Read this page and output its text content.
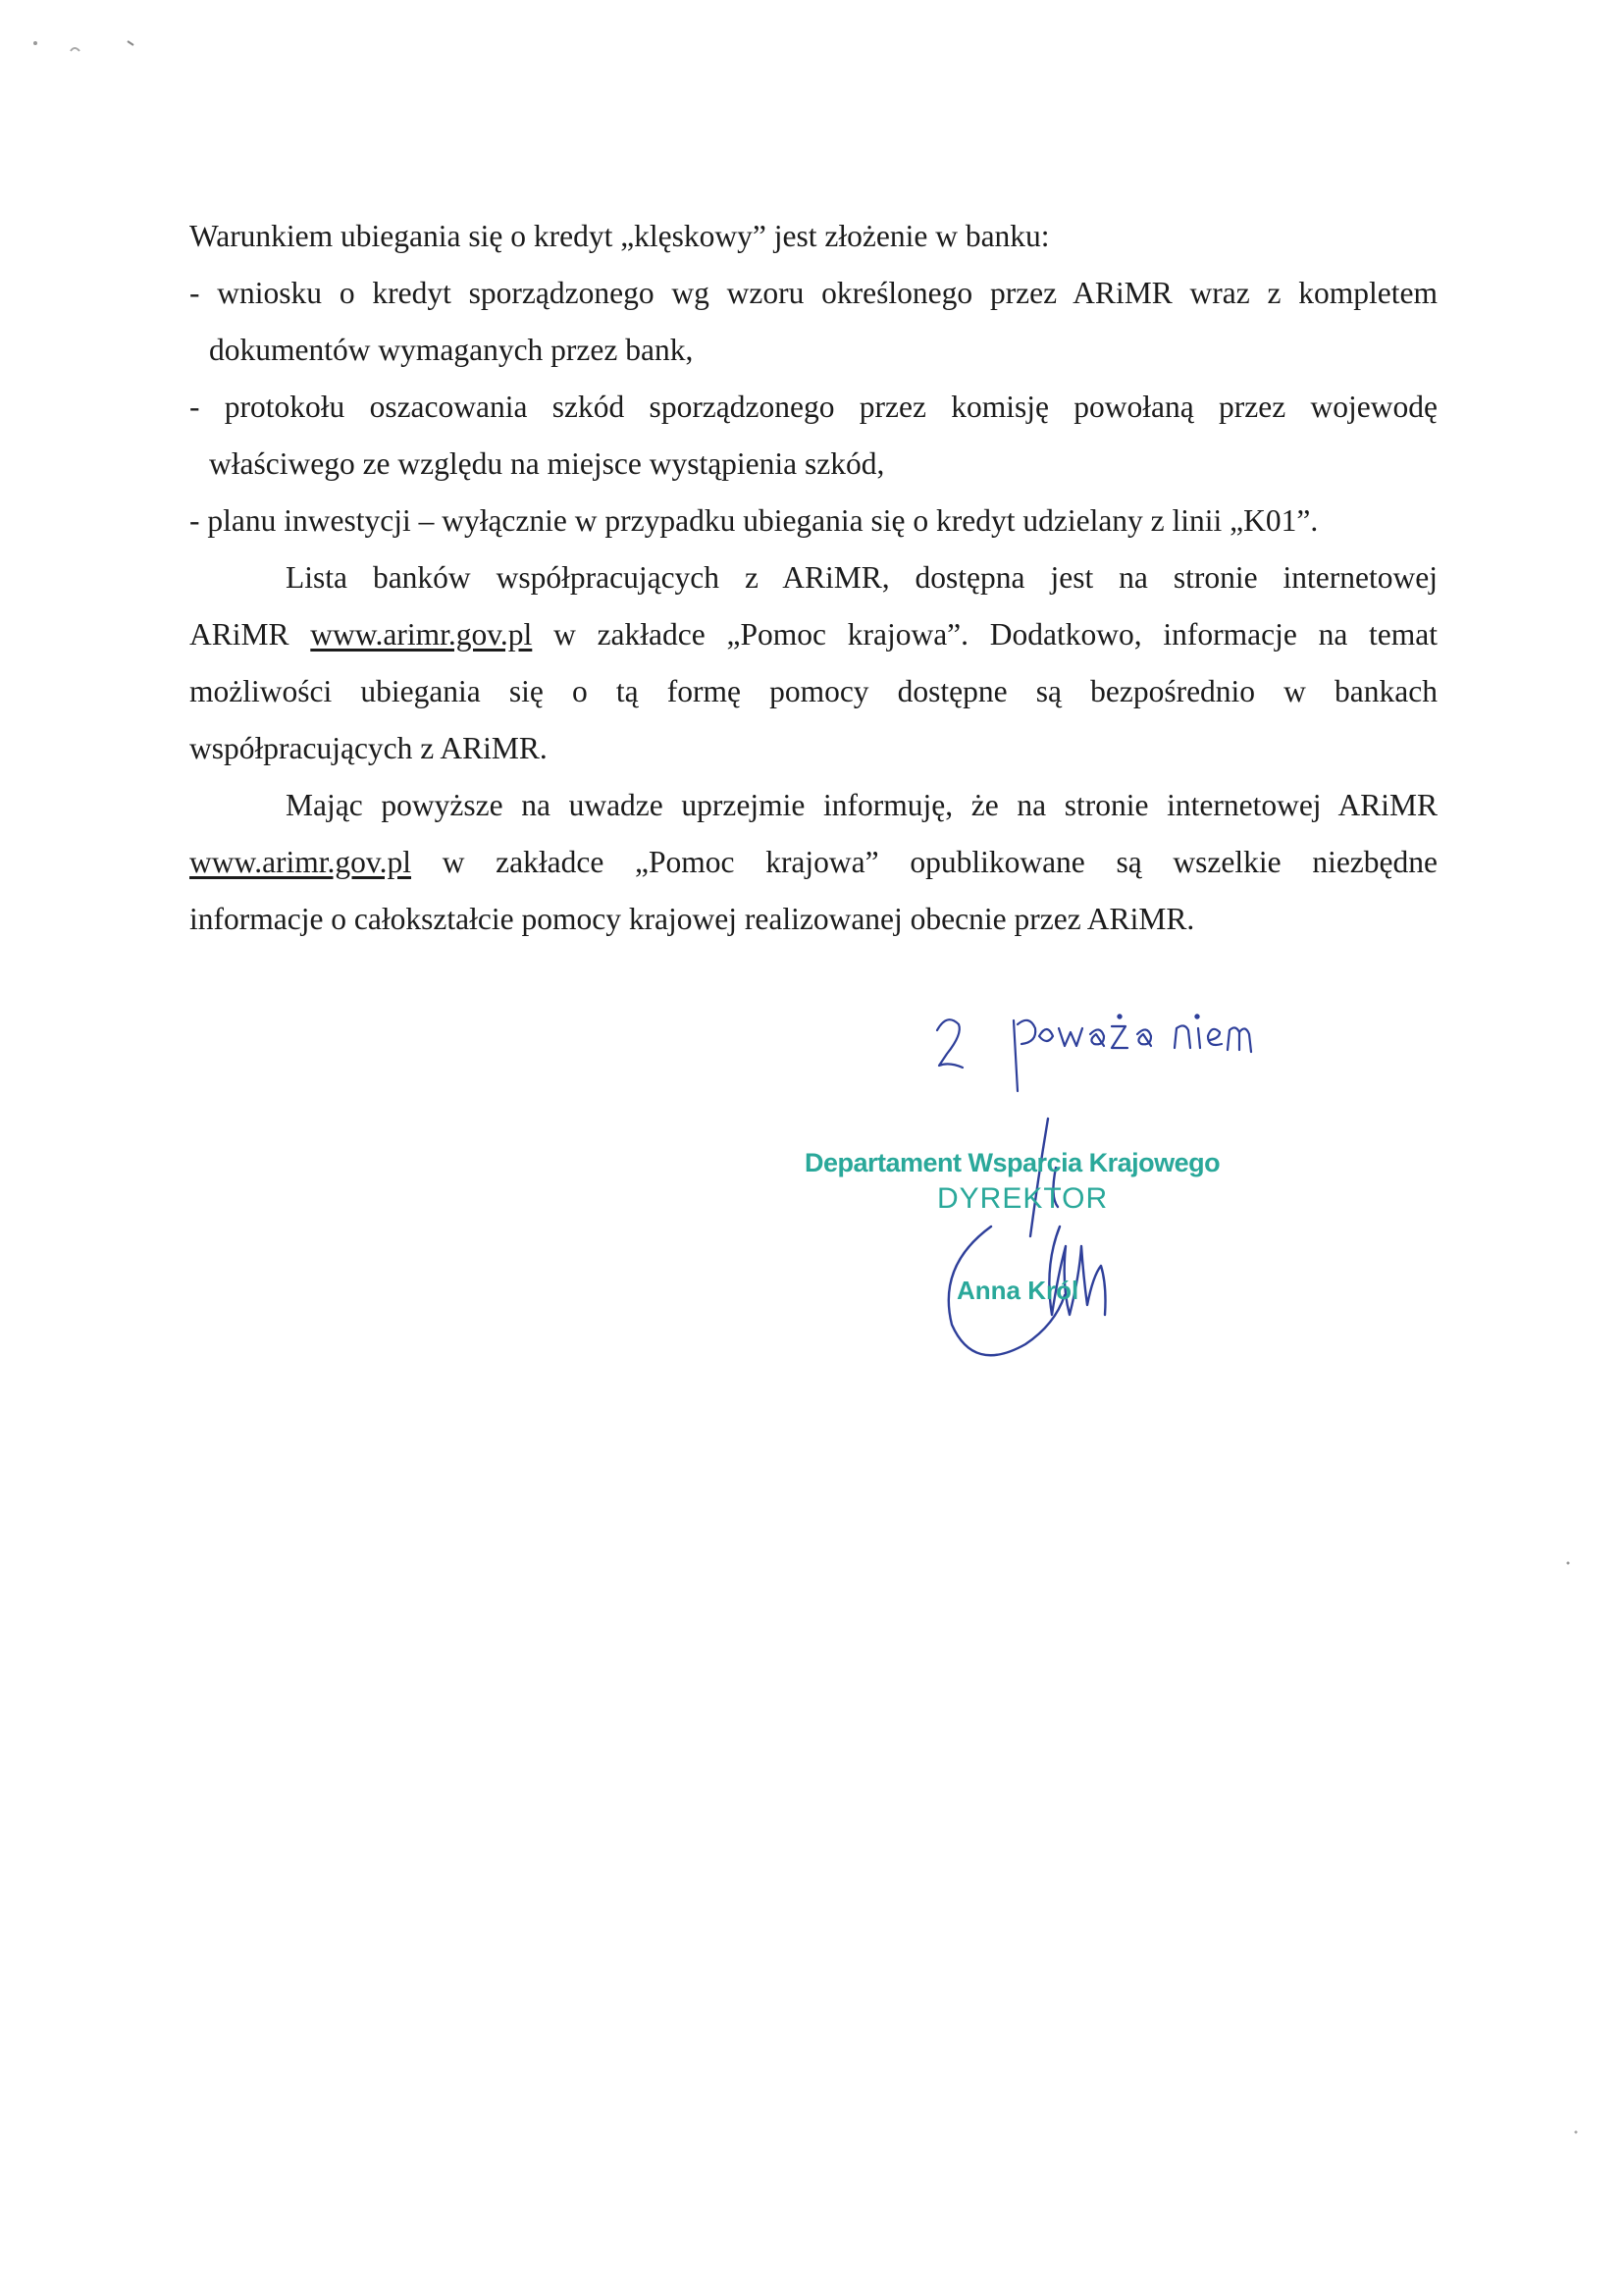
Warunkiem ubiegania się o kredyt „klęskowy” jest złożenie w banku:
- wniosku o kredyt sporządzonego wg wzoru określonego przez ARiMR wraz z kompletem
dokumentów wymaganych przez bank,
- protokołu oszacowania szkód sporządzonego przez komisję powołaną przez wojewodę
właściwego ze względu na miejsce wystąpienia szkód,
- planu inwestycji – wyłącznie w przypadku ubiegania się o kredyt udzielany z linii „K01”.
Lista banków współpracujących z ARiMR, dostępna jest na stronie internetowej
ARiMR www.arimr.gov.pl w zakładce „Pomoc krajowa”. Dodatkowo, informacje na temat
możliwości ubiegania się o tą formę pomocy dostępne są bezpośrednio w bankach
współpracujących z ARiMR.
Mając powyższe na uwadze uprzejmie informuję, że na stronie internetowej ARiMR
www.arimr.gov.pl w zakładce „Pomoc krajowa” opublikowane są wszelkie niezbędne
informacje o całokształcie pomocy krajowej realizowanej obecnie przez ARiMR.
Departament Wsparcia Krajowego
DYREKTOR
Anna Król
